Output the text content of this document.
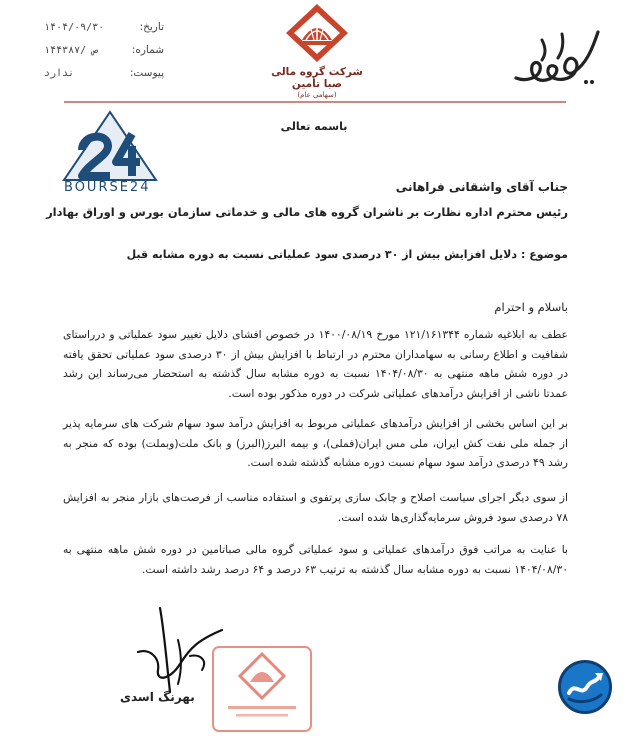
تاریخ:
۱۴۰۴/۰۹/۳۰
شماره:
۱۴۴۳۸۷/ ص
پیوست:
ندارد	شرکت گروه مالی صبا تأمین
(سهامی عام)
باسمه تعالی
BOURSE24	جناب آقای واشقانی فراهانی
رئیس محترم اداره نظارت بر ناشران گروه های مالی و خدماتی سازمان بورس و اوراق بهادار
موضوع :دلایل افزایش بیش از ۳۰ درصدی سود عملیاتی نسبت به دوره مشابه قبل
باسلام و احترام
عطف به ابلاغیه شماره ۱۲۱/۱۶۱۳۴۴ مورخ ۱۴۰۰/۰۸/۱۹ در خصوص افشای دلایل تغییر سود عملیاتی و درراستای شفافیت و اطلاع رسانی به سهامداران محترم در ارتباط با افزایش بیش از ۳۰ درصدی سود عملیاتی تحقق یافته در دوره شش ماهه منتهی به ۱۴۰۴/۰۸/۳۰ نسبت به دوره مشابه سال گذشته به استحضار می‌رساند این رشد عمدتا ناشی از افزایش درآمدهای عملیاتی شرکت در دوره مذکور بوده است.
بر این اساس بخشی از افزایش درآمدهای عملیاتی مربوط به افزایش درآمد سود سهام شرکت های سرمایه پذیر از جمله ملی نفت کش ایران، ملی مس ایران(فملی)، و بیمه البرز(البرز) و بانک ملت(وبملت) بوده که منجر به رشد ۴۹ درصدی درآمد سود سهام نسبت دوره مشابه گذشته شده است.
از سوی دیگر اجرای سیاست اصلاح و چابک سازی پرتفوی و استفاده مناسب از فرصت‌های بازار منجر به افزایش ۷۸ درصدی سود فروش سرمایه‌گذاری‌ها شده است.
با عنایت به مراتب فوق درآمدهای عملیاتی و سود عملیاتی گروه مالی صباتامین در دوره شش ماهه منتهی به ۱۴۰۴/۰۸/۳۰ نسبت به دوره مشابه سال گذشته به ترتیب ۶۳ درصد و ۶۴ درصد رشد داشته است.
بهرنگ اسدی
